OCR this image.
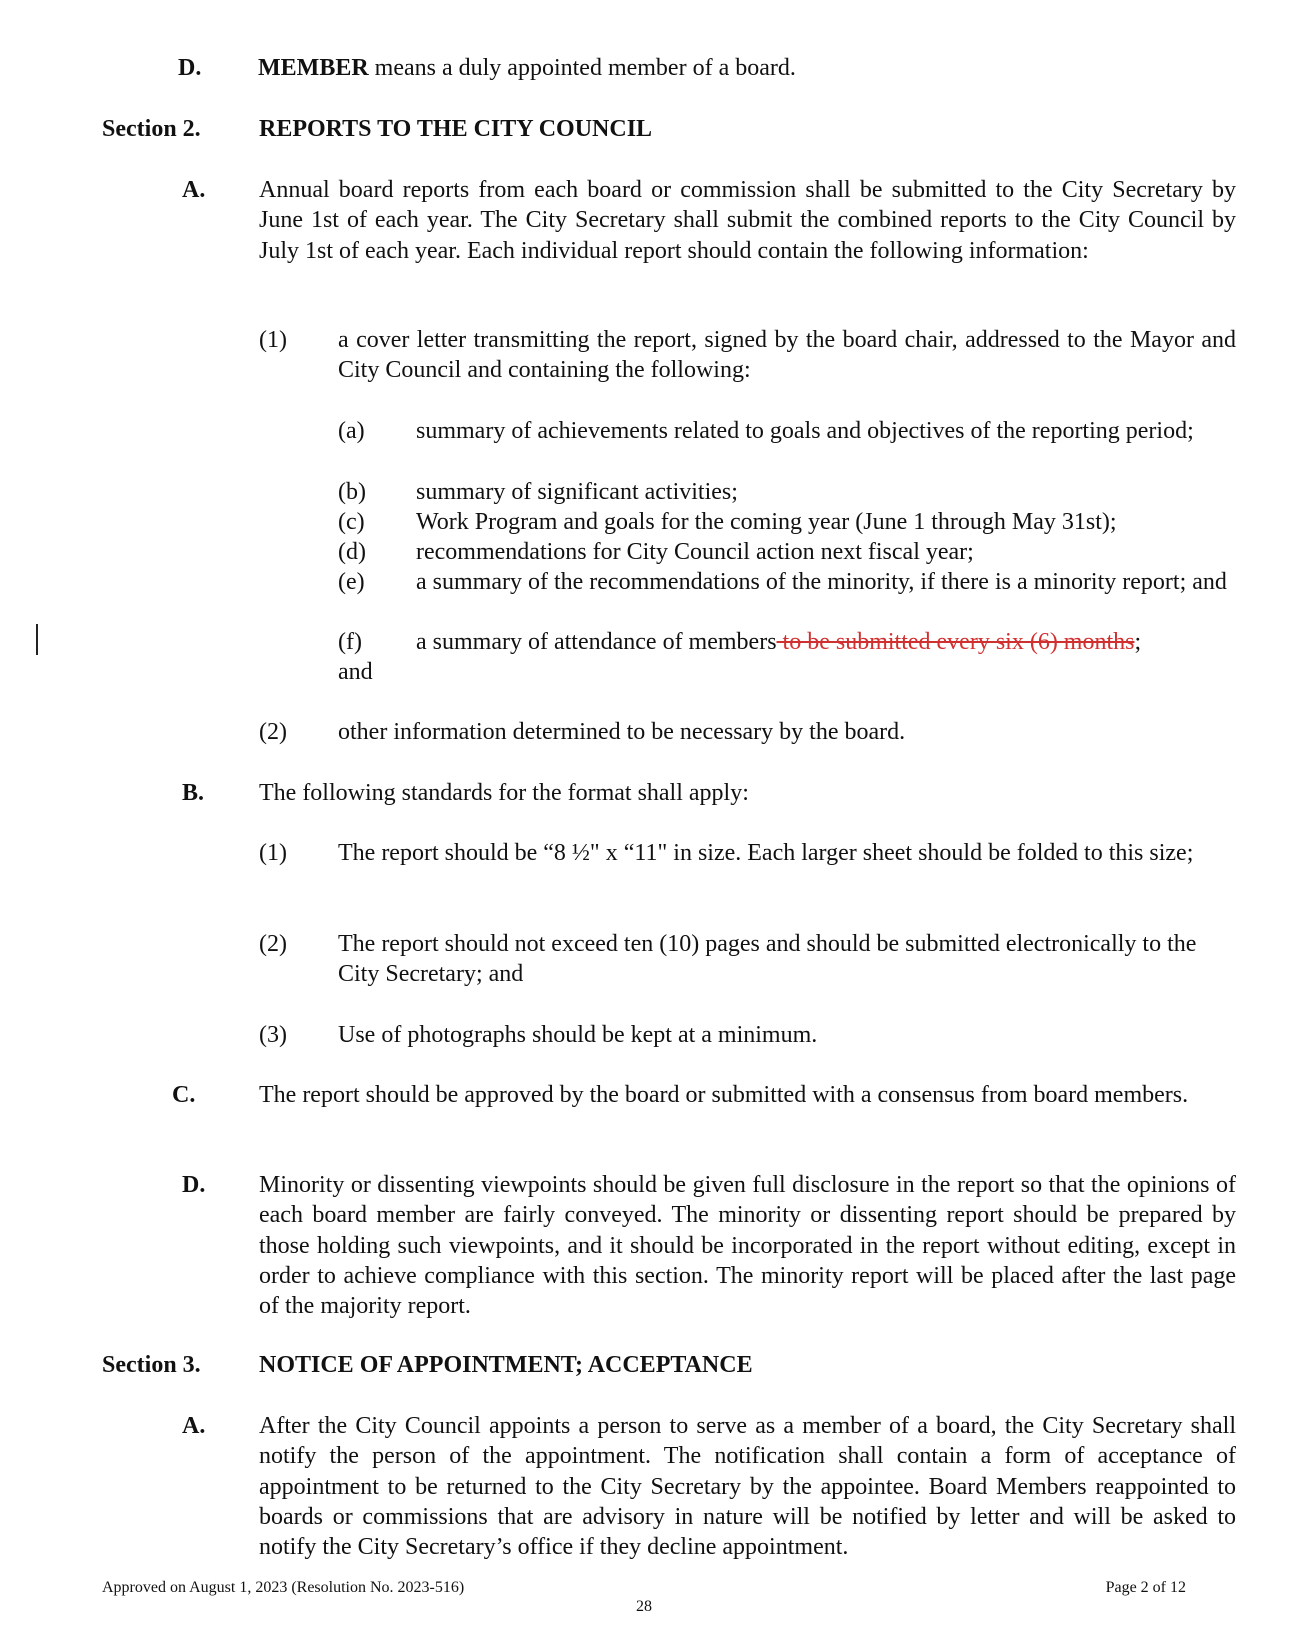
D. MEMBER means a duly appointed member of a board.
Section 2. REPORTS TO THE CITY COUNCIL
A. Annual board reports from each board or commission shall be submitted to the City Secretary by June 1st of each year. The City Secretary shall submit the combined reports to the City Council by July 1st of each year. Each individual report should contain the following information:
(1) a cover letter transmitting the report, signed by the board chair, addressed to the Mayor and City Council and containing the following:
(a) summary of achievements related to goals and objectives of the reporting period;
(b) summary of significant activities;
(c) Work Program and goals for the coming year (June 1 through May 31st);
(d) recommendations for City Council action next fiscal year;
(e) a summary of the recommendations of the minority, if there is a minority report; and
(f) a summary of attendance of members to be submitted every six (6) months;
and
(2) other information determined to be necessary by the board.
B. The following standards for the format shall apply:
(1) The report should be “8 ½" x “11" in size. Each larger sheet should be folded to this size;
(2) The report should not exceed ten (10) pages and should be submitted electronically to the City Secretary; and
(3) Use of photographs should be kept at a minimum.
C.	The report should be approved by the board or submitted with a consensus from board members.
D. Minority or dissenting viewpoints should be given full disclosure in the report so that the opinions of each board member are fairly conveyed. The minority or dissenting report should be prepared by those holding such viewpoints, and it should be incorporated in the report without editing, except in order to achieve compliance with this section. The minority report will be placed after the last page of the majority report.
Section 3. NOTICE OF APPOINTMENT; ACCEPTANCE
A. After the City Council appoints a person to serve as a member of a board, the City Secretary shall notify the person of the appointment. The notification shall contain a form of acceptance of appointment to be returned to the City Secretary by the appointee. Board Members reappointed to boards or commissions that are advisory in nature will be notified by letter and will be asked to notify the City Secretary’s office if they decline appointment.
Approved on August 1, 2023 (Resolution No. 2023-516)	Page 2 of 12
28
